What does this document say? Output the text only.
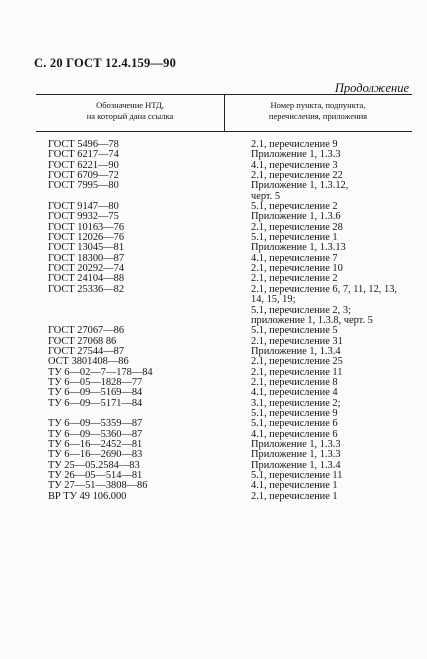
С. 20 ГОСТ 12.4.159—90
Продолжение
Обозначение НТД,
на который дана ссылка
Номер пункта, подпункта,
перечисления, приложения
ГОСТ 5496—78	2.1, перечисление 9
ГОСТ 6217—74	Приложение 1, 1.3.3
ГОСТ 6221—90	4.1, перечисление 3
ГОСТ 6709—72	2.1, перечисление 22
ГОСТ 7995—80	Приложение 1, 1.3.12,
черт. 5
ГОСТ 9147—80	5.1, перечисление 2
ГОСТ 9932—75	Приложение 1, 1.3.6
ГОСТ 10163—76	2.1, перечисление 28
ГОСТ 12026—76	5.1, перечисление 1
ГОСТ 13045—81	Приложение 1, 1.3.13
ГОСТ 18300—87	4.1, перечисление 7
ГОСТ 20292—74	2.1, перечисление 10
ГОСТ 24104—88	2.1, перечисление 2
ГОСТ 25336—82	2.1, перечисление 6, 7, 11, 12, 13,
14, 15, 19;
5.1, перечисление 2, 3;
приложение 1, 1.3.8, черт. 5
ГОСТ 27067—86	5.1, перечисление 5
ГОСТ 27068 86	2.1, перечисление 31
ГОСТ 27544—87	Приложение 1, 1.3.4
ОСТ 3801408—86	2.1, перечисление 25
ТУ 6—02—7—178—84	2.1, перечисление 11
ТУ 6—05—1828—77	2.1, перечисление 8
ТУ 6—09—5169—84	4.1, перечисление 4
ТУ 6—09—5171—84	3.1, перечисление 2;
5.1, перечисление 9
ТУ 6—09—5359—87	5.1, перечисление 6
ТУ 6—09—5360—87	4.1, перечисление 6
ТУ 6—16—2452—81	Приложение 1, 1.3.3
ТУ 6—16—2690—83	Приложение 1, 1.3.3
ТУ 25—05.2584—83	Приложение 1, 1.3.4
ТУ 26—05—514—81	5.1, перечисление 11
ТУ 27—51—3808—86	4.1, перечисление 1
ВР ТУ 49 106.000	2.1, перечисление 1
